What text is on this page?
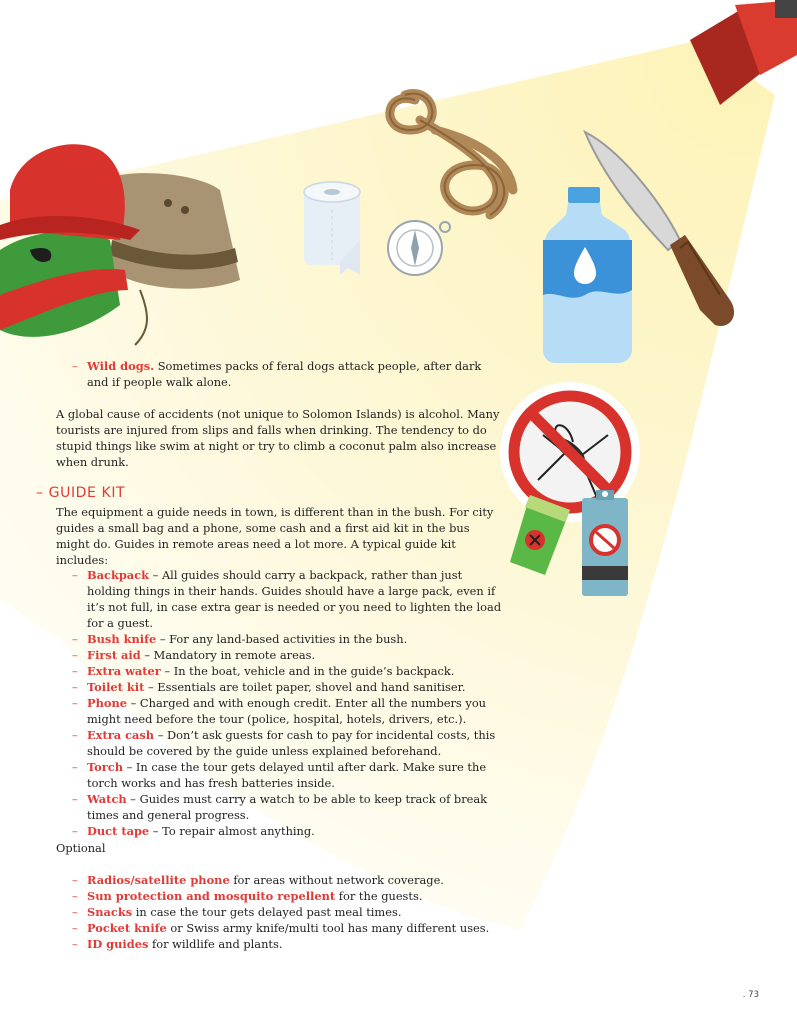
– Wild dogs. Sometimes packs of feral dogs attack people, after dark and if people walk alone.
A global cause of accidents (not unique to Solomon Islands) is alcohol. Many tourists are injured from slips and falls when drinking. The tendency to do stupid things like swim at night or try to climb a coconut palm also increase when drunk.
– GUIDE KIT
The equipment a guide needs in town, is different than in the bush. For city guides a small bag and a phone, some cash and a first aid kit in the bus might do. Guides in remote areas need a lot more. A typical guide kit includes:
– Backpack – All guides should carry a backpack, rather than just holding things in their hands. Guides should have a large pack, even if it’s not full, in case extra gear is needed or you need to lighten the load for a guest.
– Bush knife – For any land-based activities in the bush.
– First aid – Mandatory in remote areas.
– Extra water – In the boat, vehicle and in the guide’s backpack.
– Toilet kit – Essentials are toilet paper, shovel and hand sanitiser.
– Phone – Charged and with enough credit. Enter all the numbers you might need before the tour (police, hospital, hotels, drivers, etc.).
– Extra cash – Don’t ask guests for cash to pay for incidental costs, this should be covered by the guide unless explained beforehand.
– Torch – In case the tour gets delayed until after dark. Make sure the torch works and has fresh batteries inside.
– Watch – Guides must carry a watch to be able to keep track of break times and general progress.
– Duct tape – To repair almost anything.
Optional
– Radios/satellite phone for areas without network coverage.
– Sun protection and mosquito repellent for the guests.
– Snacks in case the tour gets delayed past meal times.
– Pocket knife or Swiss army knife/multi tool has many different uses.
– ID guides for wildlife and plants.
. 73
